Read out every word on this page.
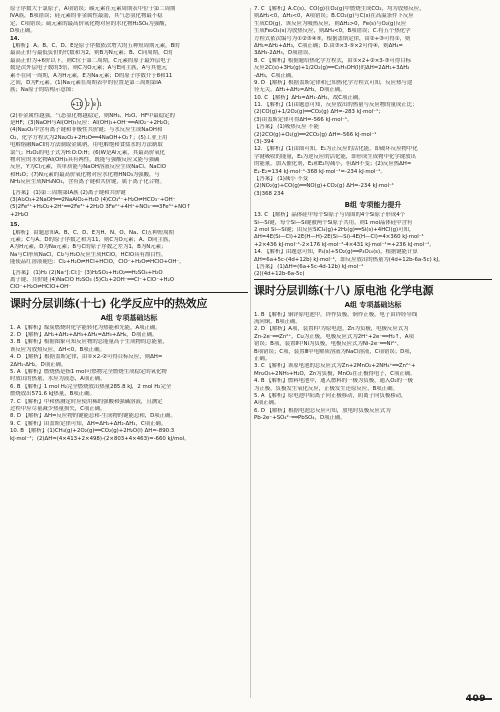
原子序数大于氯原子，A项错误；碳元素在元素周期表中位于第二周期
ⅣA族，B项错误；硅元素的非金属性最弱，其气态氢化物最不稳
定，C项错误；硫元素的最高价氧化物对应的水化物H₂SO₄为强酸，
D项正确。
14.
【解析】 A、B、C、D、E是原子序数依次增大的五种短周期元素，B的
最高正价与最低负价的代数和为2，则B为N元素；B、C同周期，C的
最高正价为+6价以下，则C位于第二周期，C元素的原子最外层电子
数是次外层电子数的3倍，则C为O元素；A与E同主族，A与其他元
素不在同一周期，A为H元素，E为Na元素；D的原子序数介于8和11
之间，D为F元素。(1)Na元素在周期表中的位置是第三周期第ⅠA
族；Na原子的结构示意图：
+11 2 8 1
(2)非金属性越强，气态氢化物越稳定，则NH₃、H₂O、HF中最稳定的
是HF；(3)NaOH与Al(OH)₃反应：Al(OH)₃+OH⁻══AlO₂⁻+2H₂O；
(4)Na₂O₂中含有离子键和非极性共价键；与水反应生成NaOH和
O₂，化学方程式为2Na₂O₂+2H₂O══4NaOH+O₂↑；(5)工业上用
电解熔融NaCl的方法制取金属钠，用电解饱和食盐水的方法制取
氯气；H₂O₂的电子式为H:O:O:H；(6)W是Al元素，其最高价氧化
物对应的水化物Al(OH)₃具有两性，既能与强酸反应又能与强碱
反应，Y为Cl元素，其单质能与NaOH溶液反应生成NaCl、NaClO
和H₂O；(7)N元素的最高价氧化物对应水化物HNO₃为强酸，与
NH₃反应生成NH₄NO₃，含有离子键和共价键，属于离子化合物。
【答案】 (1)第三周期第ⅠA族 (2)离子键和共价键
(3)Al₂O₃+2NaOH══2NaAlO₂+H₂O (4)CO₃²⁻+H₂O⇌HCO₃⁻+OH⁻
(5)2Fe²⁺+H₂O₂+2H⁺══2Fe³⁺+2H₂O 3Fe²⁺+4H⁺+NO₃⁻══3Fe³⁺+NO↑
+2H₂O
15.
【解析】 由题意知A、B、C、D、E为H、N、O、Na、Cl五种短周期
元素；C与A、D的原子序数之和为11，则C为O元素；A、D同主族，
A为H元素，D为Na元素；B与C的原子序数之差为1，B为N元素；
Na与Cl形成NaCl，Cl₂与H₂O反应生成HClO，HClO具有漂白性，
能使品红溶液褪色：Cl₂+H₂O⇌HCl+HClO，ClO⁻+H₂O⇌HClO+OH⁻。
【答案】 (1)H₂ (2)Na⁺[:Cl:]⁻ (3)H₂SO₃+H₂O₂══H₂SO₄+H₂O
离子键、共价键 (4)NaClO H₂SO₃ (5)Cl₂+2OH⁻══Cl⁻+ClO⁻+H₂O
ClO⁻+H₂O⇌HClO+OH⁻
课时分层训练(十七) 化学反应中的热效应
A组 专项基础达标
1. A 【解析】煤炭燃烧时化学能转化为热能和光能，A项正确。
2. D 【解析】ΔH₁+ΔH₂+ΔH₃+ΔH₄=ΔH₅+ΔH₆，D项正确。
3. B 【解析】根据图象可知反应物的总能量高于生成物的总能量，
该反应为放热反应，ΔH<0，B项正确。
4. D 【解析】根据盖斯定律，由①×2-②可得目标反应，则ΔH=
2ΔH₁-ΔH₂，D项正确。
5. A 【解析】燃烧热是指1 mol可燃物完全燃烧生成稳定的氧化物
时放出的热量，水应为液态，A项正确。
6. B 【解析】1 mol H₂完全燃烧放出热量285.8 kJ，2 mol H₂完全
燃烧放出571.6 kJ热量，B项正确。
7. C 【解析】中和热测定时应使用稀的强酸和强碱溶液，且测定
过程中应尽量减少热量损失，C项正确。
8. D 【解析】ΔH=反应物的键能总和-生成物的键能总和，D项正确。
9. C 【解析】由盖斯定律可知，ΔH=ΔH₁+ΔH₂-ΔH₃，C项正确。
10. B 【解析】(1)CH₄(g)+2O₂(g)══CO₂(g)+2H₂O(l) ΔH=-890.3
kJ·mol⁻¹；(2)ΔH=(4×413+2×498)-(2×803+4×463)=-660 kJ/mol。
7. C 【解析】A.C(s)、CO(g)在O₂(g)中燃烧生成CO₂，均为放热反应，
则ΔH₁<0，ΔH₃<0，A项错误；B.CO₂(g)与C(s)在高温条件下反应
生成CO(g)，该反应为吸热反应，则ΔH₂>0，Fe(s)与O₂(g)反应
生成Fe₂O₃(s)为放热反应，则ΔH₄<0，B项错误；C.将五个热化学
方程式依次编号为①②③④⑤，根据盖斯定律，由②+③可得①，则
ΔH₁=ΔH₂+ΔH₃，C项正确；D.由③×3-⑤×2可得④，则ΔH₄=
3ΔH₃-2ΔH₅，D项错误。
8. C 【解析】根据题给热化学方程式，由①×2+②×3-③可得目标
反应2C(s)+3H₂(g)+1/2O₂(g)══C₂H₅OH(l)的ΔH=2ΔH₁+3ΔH₂
-ΔH₃，C项正确。
9. D 【解析】根据盖斯定律和已知热化学方程式可知，反应热与途
径无关，ΔH₁+ΔH₂=ΔH₃，D项正确。
10. C 【解析】ΔH₃=ΔH₁-ΔH₂，故C项正确。
11. 【解析】(1)由题意可知，反应放出的热量与反应物的量成正比；
(2)CO(g)+1/2O₂(g)══CO₂(g) ΔH=-283 kJ·mol⁻¹；
(3)由盖斯定律可得ΔH=-566 kJ·mol⁻¹。
【答案】 (1)吸热反应 不能
(2)2CO(g)+O₂(g)══2CO₂(g) ΔH=-566 kJ·mol⁻¹
(3)-394
12. 【解析】(1)由图可知，E₁为正反应的活化能，即破坏反应物中化
学键吸收的能量，E₂为逆反应的活化能，即形成生成物中化学键放出
的能量，加入催化剂，E₁和E₂均减小，但ΔH不变；(2)反应热ΔH=
E₁-E₂=134 kJ·mol⁻¹-368 kJ·mol⁻¹=-234 kJ·mol⁻¹。
【答案】 (1)减小 不变
(2)NO₂(g)+CO(g)══NO(g)+CO₂(g) ΔH=-234 kJ·mol⁻¹
(3)368 234
B组 专项能力提升
13. C 【解析】晶体硅中每个Si原子与周围的4个Si原子形成4个
Si—Si键，每个Si—Si键被两个Si原子共用，则1 mol晶体硅中含有
2 mol Si—Si键；由反应SiCl₄(g)+2H₂(g)══Si(s)+4HCl(g)可知，
ΔH=4E(Si—Cl)+2E(H—H)-2E(Si—Si)-4E(H—Cl)=4×360 kJ·mol⁻¹
+2×436 kJ·mol⁻¹-2×176 kJ·mol⁻¹-4×431 kJ·mol⁻¹=+236 kJ·mol⁻¹。
14. 【解析】由题意可知，P₄(s)+5O₂(g)══P₄O₁₀(s)，根据键能计算
ΔH=6a+5c-(4d+12b) kJ·mol⁻¹，即反应放出的热量为(4d+12b-6a-5c) kJ。
【答案】 (1)ΔH=(6a+5c-4d-12b) kJ·mol⁻¹
(2)(4d+12b-6a-5c)
课时分层训练(十八) 原电池 化学电源
A组 专项基础达标
1. B 【解析】铜锌原电池中，锌作负极，铜作正极，电子由锌经导线
流向铜，B项正确。
2. D 【解析】A项，装置Ⅰ中为原电池，Zn为负极，电极反应式为
Zn-2e⁻══Zn²⁺，Cu为正极，电极反应式为2H⁺+2e⁻══H₂↑，A项
错误；B项，装置Ⅱ中Ni为负极，电极反应式为Ni-2e⁻══Ni²⁺，
B项错误；C项，装置Ⅲ中电解质溶液为NaCl溶液，C项错误；D项，
正确。
3. C 【解析】该原电池的总反应式为Zn+2MnO₂+2NH₄⁺══Zn²⁺+
Mn₂O₃+2NH₃+H₂O，Zn为负极，MnO₂在正极得电子，C项正确。
4. B 【解析】燃料电池中，通入燃料的一极为负极，通入O₂的一极
为正极，负极发生氧化反应，正极发生还原反应，B项正确。
5. A 【解析】原电池中阳离子向正极移动，阴离子向负极移动，
A项正确。
6. D 【解析】根据电池总反应可知，放电时负极反应式为
Pb-2e⁻+SO₄²⁻══PbSO₄，D项正确。
409
